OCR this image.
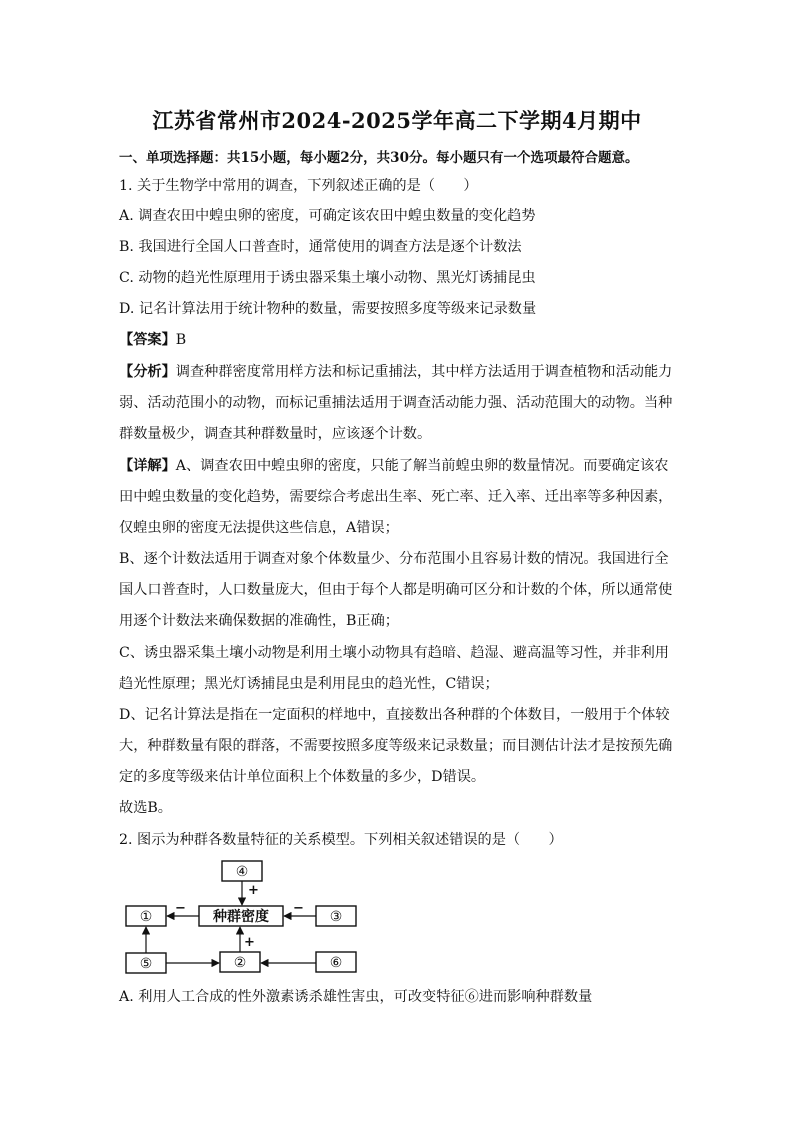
江苏省常州市2024-2025学年高二下学期4月期中
一、单项选择题：共15小题，每小题2分，共30分。每小题只有一个选项最符合题意。
1. 关于生物学中常用的调查，下列叙述正确的是（　　）
A. 调查农田中蝗虫卵的密度，可确定该农田中蝗虫数量的变化趋势
B. 我国进行全国人口普查时，通常使用的调查方法是逐个计数法
C. 动物的趋光性原理用于诱虫器采集土壤小动物、黑光灯诱捕昆虫
D. 记名计算法用于统计物种的数量，需要按照多度等级来记录数量
【答案】B
【分析】调查种群密度常用样方法和标记重捕法，其中样方法适用于调查植物和活动能力
弱、活动范围小的动物，而标记重捕法适用于调查活动能力强、活动范围大的动物。当种
群数量极少，调查其种群数量时，应该逐个计数。
【详解】A、调查农田中蝗虫卵的密度，只能了解当前蝗虫卵的数量情况。而要确定该农
田中蝗虫数量的变化趋势，需要综合考虑出生率、死亡率、迁入率、迁出率等多种因素，
仅蝗虫卵的密度无法提供这些信息，A错误；
B、逐个计数法适用于调查对象个体数量少、分布范围小且容易计数的情况。我国进行全
国人口普查时，人口数量庞大，但由于每个人都是明确可区分和计数的个体，所以通常使
用逐个计数法来确保数据的准确性，B正确；
C、诱虫器采集土壤小动物是利用土壤小动物具有趋暗、趋湿、避高温等习性，并非利用
趋光性原理；黑光灯诱捕昆虫是利用昆虫的趋光性，C错误；
D、记名计算法是指在一定面积的样地中，直接数出各种群的个体数目，一般用于个体较
大，种群数量有限的群落，不需要按照多度等级来记录数量；而目测估计法才是按预先确
定的多度等级来估计单位面积上个体数量的多少，D错误。
故选B。
2. 图示为种群各数量特征的关系模型。下列相关叙述错误的是（　　）
④
①	种群密度	③
⑤	②	⑥
+
−	−
+
A. 利用人工合成的性外激素诱杀雄性害虫，可改变特征⑥进而影响种群数量
